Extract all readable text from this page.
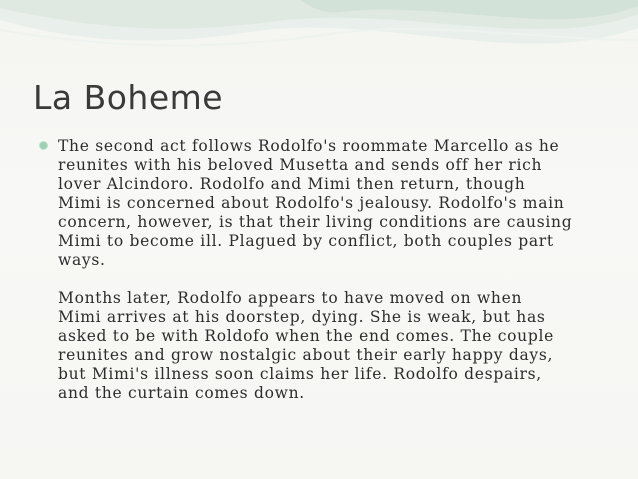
La Boheme

The second act follows Rodolfo's roommate Marcello as he
reunites with his beloved Musetta and sends off her rich
lover Alcindoro. Rodolfo and Mimi then return, though
Mimi is concerned about Rodolfo's jealousy. Rodolfo's main
concern, however, is that their living conditions are causing
Mimi to become ill. Plagued by conflict, both couples part
ways.

Months later, Rodolfo appears to have moved on when
Mimi arrives at his doorstep, dying. She is weak, but has
asked to be with Roldofo when the end comes. The couple
reunites and grow nostalgic about their early happy days,
but Mimi's illness soon claims her life. Rodolfo despairs,
and the curtain comes down.
